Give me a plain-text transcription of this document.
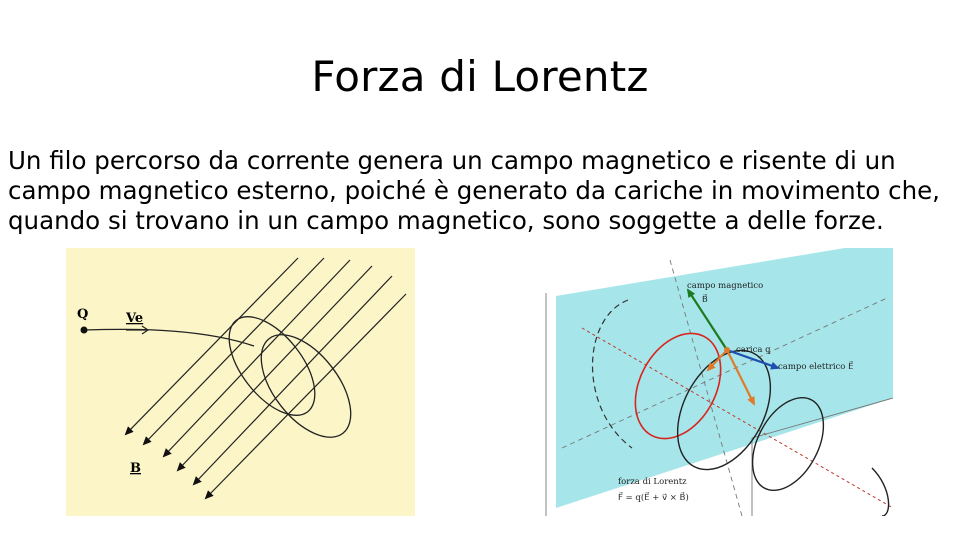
Forza di Lorentz
Un filo percorso da corrente genera un campo magnetico e risente di un campo magnetico esterno, poiché è generato da cariche in movimento che, quando si trovano in un campo magnetico, sono soggette a delle forze.
Q	Ve
B
campo magnetico
B⃗
carica q
campo elettrico E⃗
forza di Lorentz
F⃗ = q(E⃗ + v⃗ × B⃗)
